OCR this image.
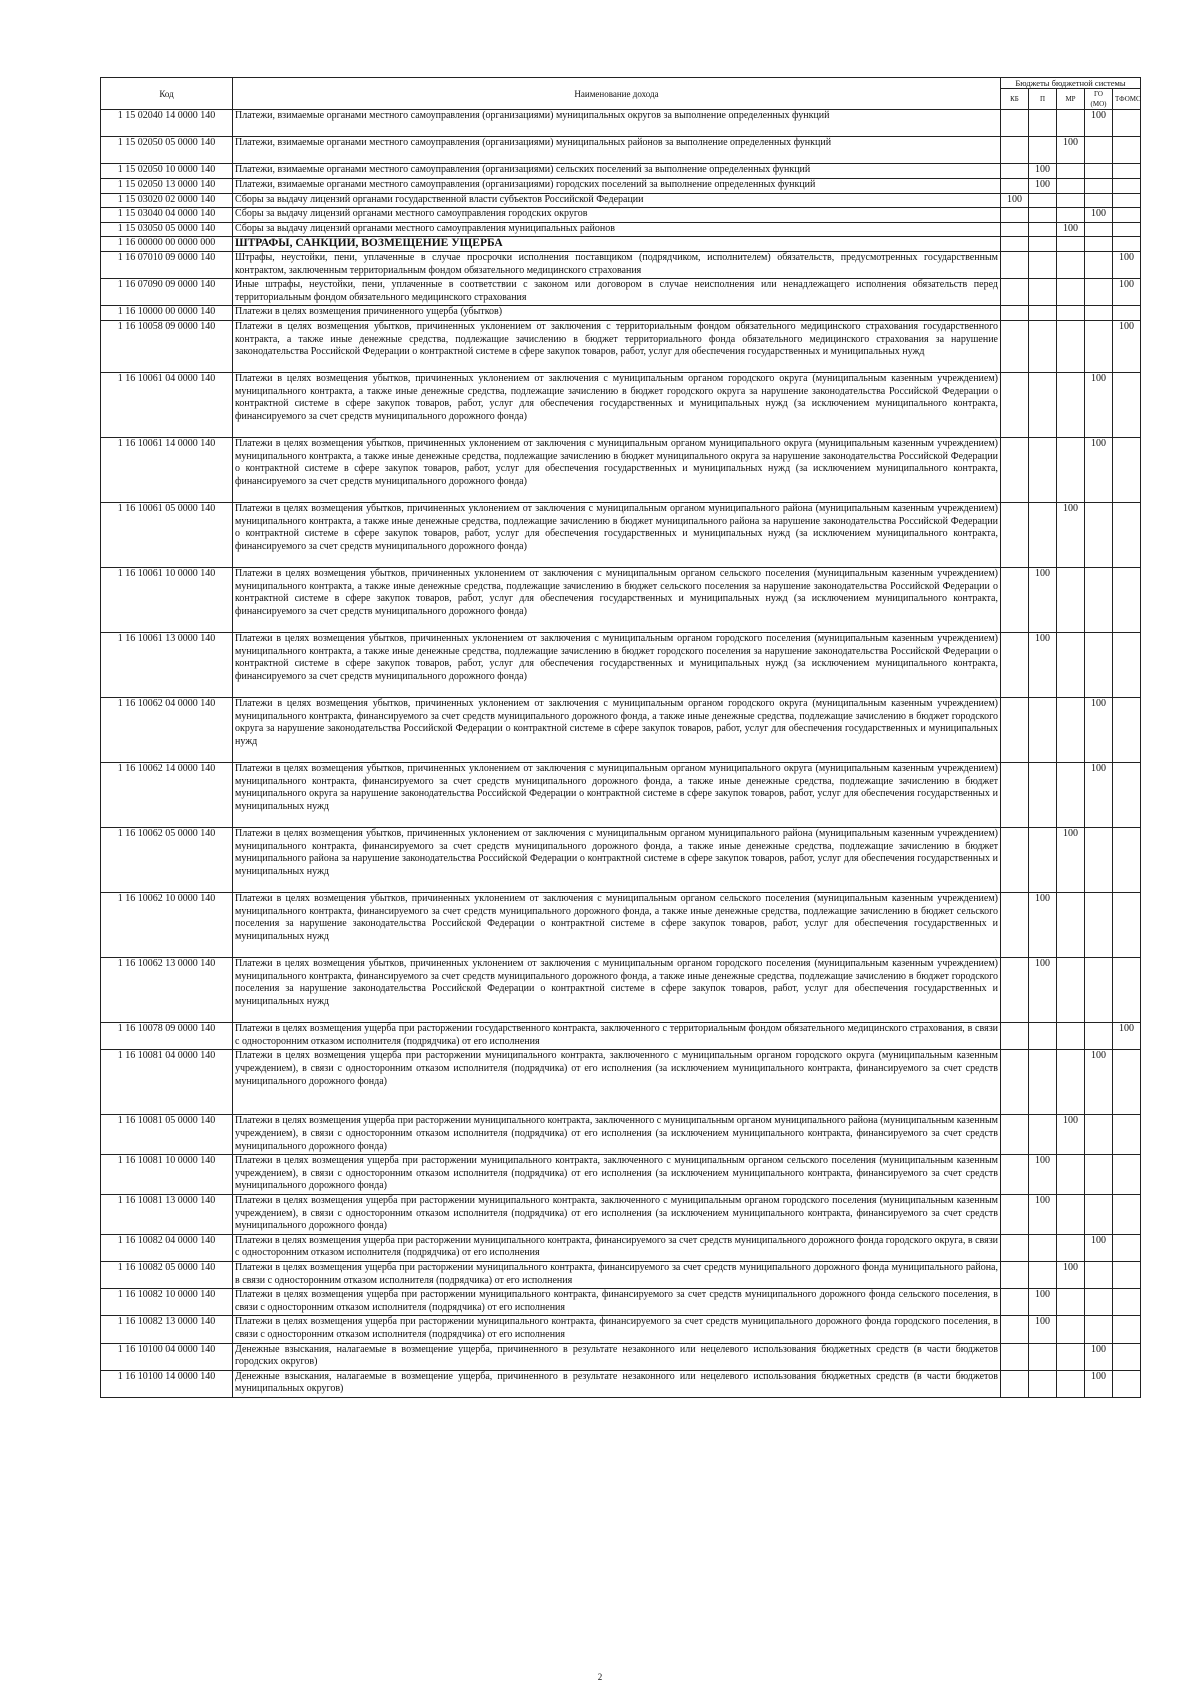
Код	Наименование дохода	Бюджеты бюджетной системы				
		КБ	П	МР	ГО (МО)	ТФОМС
1 15 02040 14 0000 140	Платежи, взимаемые органами местного самоуправления (организациями) муниципальных округов за выполнение определенных функций				100	
1 15 02050 05 0000 140	Платежи, взимаемые органами местного самоуправления (организациями) муниципальных районов за выполнение определенных функций			100		
1 15 02050 10 0000 140	Платежи, взимаемые органами местного самоуправления (организациями) сельских поселений за выполнение определенных функций		100			
1 15 02050 13 0000 140	Платежи, взимаемые органами местного самоуправления (организациями) городских поселений за выполнение определенных функций		100			
1 15 03020 02 0000 140	Сборы за выдачу лицензий органами государственной власти субъектов Российской Федерации	100				
1 15 03040 04 0000 140	Сборы за выдачу лицензий органами местного самоуправления городских округов				100	
1 15 03050 05 0000 140	Сборы за выдачу лицензий органами местного самоуправления муниципальных районов			100		
1 16 00000 00 0000 000	ШТРАФЫ, САНКЦИИ, ВОЗМЕЩЕНИЕ УЩЕРБА					
1 16 07010 09 0000 140	Штрафы, неустойки, пени, уплаченные в случае просрочки исполнения поставщиком (подрядчиком, исполнителем) обязательств, предусмотренных государственным контрактом, заключенным территориальным фондом обязательного медицинского страхования					100
1 16 07090 09 0000 140	Иные штрафы, неустойки, пени, уплаченные в соответствии с законом или договором в случае неисполнения или ненадлежащего исполнения обязательств перед территориальным фондом обязательного медицинского страхования					100
1 16 10000 00 0000 140	Платежи в целях возмещения причиненного ущерба (убытков)					
1 16 10058 09 0000 140	Платежи в целях возмещения убытков, причиненных уклонением от заключения с территориальным фондом обязательного медицинского страхования государственного контракта, а также иные денежные средства, подлежащие зачислению в бюджет территориального фонда обязательного медицинского страхования за нарушение законодательства Российской Федерации о контрактной системе в сфере закупок товаров, работ, услуг для обеспечения государственных и муниципальных нужд					100
1 16 10061 04 0000 140	Платежи в целях возмещения убытков, причиненных уклонением от заключения с муниципальным органом городского округа (муниципальным казенным учреждением) муниципального контракта, а также иные денежные средства, подлежащие зачислению в бюджет городского округа за нарушение законодательства Российской Федерации о контрактной системе в сфере закупок товаров, работ, услуг для обеспечения государственных и муниципальных нужд (за исключением муниципального контракта, финансируемого за счет средств муниципального дорожного фонда)				100	
1 16 10061 14 0000 140	Платежи в целях возмещения убытков, причиненных уклонением от заключения с муниципальным органом муниципального округа (муниципальным казенным учреждением) муниципального контракта, а также иные денежные средства, подлежащие зачислению в бюджет муниципального округа за нарушение законодательства Российской Федерации о контрактной системе в сфере закупок товаров, работ, услуг для обеспечения государственных и муниципальных нужд (за исключением муниципального контракта, финансируемого за счет средств муниципального дорожного фонда)				100	
1 16 10061 05 0000 140	Платежи в целях возмещения убытков, причиненных уклонением от заключения с муниципальным органом муниципального района (муниципальным казенным учреждением) муниципального контракта, а также иные денежные средства, подлежащие зачислению в бюджет муниципального района за нарушение законодательства Российской Федерации о контрактной системе в сфере закупок товаров, работ, услуг для обеспечения государственных и муниципальных нужд (за исключением муниципального контракта, финансируемого за счет средств муниципального дорожного фонда)			100		
1 16 10061 10 0000 140	Платежи в целях возмещения убытков, причиненных уклонением от заключения с муниципальным органом сельского поселения (муниципальным казенным учреждением) муниципального контракта, а также иные денежные средства, подлежащие зачислению в бюджет сельского поселения за нарушение законодательства Российской Федерации о контрактной системе в сфере закупок товаров, работ, услуг для обеспечения государственных и муниципальных нужд (за исключением муниципального контракта, финансируемого за счет средств муниципального дорожного фонда)		100			
1 16 10061 13 0000 140	Платежи в целях возмещения убытков, причиненных уклонением от заключения с муниципальным органом городского поселения (муниципальным казенным учреждением) муниципального контракта, а также иные денежные средства, подлежащие зачислению в бюджет городского поселения за нарушение законодательства Российской Федерации о контрактной системе в сфере закупок товаров, работ, услуг для обеспечения государственных и муниципальных нужд (за исключением муниципального контракта, финансируемого за счет средств муниципального дорожного фонда)		100			
1 16 10062 04 0000 140	Платежи в целях возмещения убытков, причиненных уклонением от заключения с муниципальным органом городского округа (муниципальным казенным учреждением) муниципального контракта, финансируемого за счет средств муниципального дорожного фонда, а также иные денежные средства, подлежащие зачислению в бюджет городского округа за нарушение законодательства Российской Федерации о контрактной системе в сфере закупок товаров, работ, услуг для обеспечения государственных и муниципальных нужд				100	
1 16 10062 14 0000 140	Платежи в целях возмещения убытков, причиненных уклонением от заключения с муниципальным органом муниципального округа (муниципальным казенным учреждением) муниципального контракта, финансируемого за счет средств муниципального дорожного фонда, а также иные денежные средства, подлежащие зачислению в бюджет муниципального округа за нарушение законодательства Российской Федерации о контрактной системе в сфере закупок товаров, работ, услуг для обеспечения государственных и муниципальных нужд				100	
1 16 10062 05 0000 140	Платежи в целях возмещения убытков, причиненных уклонением от заключения с муниципальным органом муниципального района (муниципальным казенным учреждением) муниципального контракта, финансируемого за счет средств муниципального дорожного фонда, а также иные денежные средства, подлежащие зачислению в бюджет муниципального района за нарушение законодательства Российской Федерации о контрактной системе в сфере закупок товаров, работ, услуг для обеспечения государственных и муниципальных нужд			100		
1 16 10062 10 0000 140	Платежи в целях возмещения убытков, причиненных уклонением от заключения с муниципальным органом сельского поселения (муниципальным казенным учреждением) муниципального контракта, финансируемого за счет средств муниципального дорожного фонда, а также иные денежные средства, подлежащие зачислению в бюджет сельского поселения за нарушение законодательства Российской Федерации о контрактной системе в сфере закупок товаров, работ, услуг для обеспечения государственных и муниципальных нужд		100			
1 16 10062 13 0000 140	Платежи в целях возмещения убытков, причиненных уклонением от заключения с муниципальным органом городского поселения (муниципальным казенным учреждением) муниципального контракта, финансируемого за счет средств муниципального дорожного фонда, а также иные денежные средства, подлежащие зачислению в бюджет городского поселения за нарушение законодательства Российской Федерации о контрактной системе в сфере закупок товаров, работ, услуг для обеспечения государственных и муниципальных нужд		100			
1 16 10078 09 0000 140	Платежи в целях возмещения ущерба при расторжении государственного контракта, заключенного с территориальным фондом обязательного медицинского страхования, в связи с односторонним отказом исполнителя (подрядчика) от его исполнения					100
1 16 10081 04 0000 140	Платежи в целях возмещения ущерба при расторжении муниципального контракта, заключенного с муниципальным органом городского округа (муниципальным казенным учреждением), в связи с односторонним отказом исполнителя (подрядчика) от его исполнения (за исключением муниципального контракта, финансируемого за счет средств муниципального дорожного фонда)				100	
1 16 10081 05 0000 140	Платежи в целях возмещения ущерба при расторжении муниципального контракта, заключенного с муниципальным органом муниципального района (муниципальным казенным учреждением), в связи с односторонним отказом исполнителя (подрядчика) от его исполнения (за исключением муниципального контракта, финансируемого за счет средств муниципального дорожного фонда)			100		
1 16 10081 10 0000 140	Платежи в целях возмещения ущерба при расторжении муниципального контракта, заключенного с муниципальным органом сельского поселения (муниципальным казенным учреждением), в связи с односторонним отказом исполнителя (подрядчика) от его исполнения (за исключением муниципального контракта, финансируемого за счет средств муниципального дорожного фонда)		100			
1 16 10081 13 0000 140	Платежи в целях возмещения ущерба при расторжении муниципального контракта, заключенного с муниципальным органом городского поселения (муниципальным казенным учреждением), в связи с односторонним отказом исполнителя (подрядчика) от его исполнения (за исключением муниципального контракта, финансируемого за счет средств муниципального дорожного фонда)		100			
1 16 10082 04 0000 140	Платежи в целях возмещения ущерба при расторжении муниципального контракта, финансируемого за счет средств муниципального дорожного фонда городского округа, в связи с односторонним отказом исполнителя (подрядчика) от его исполнения				100	
1 16 10082 05 0000 140	Платежи в целях возмещения ущерба при расторжении муниципального контракта, финансируемого за счет средств муниципального дорожного фонда муниципального района, в связи с односторонним отказом исполнителя (подрядчика) от его исполнения			100		
1 16 10082 10 0000 140	Платежи в целях возмещения ущерба при расторжении муниципального контракта, финансируемого за счет средств муниципального дорожного фонда сельского поселения, в связи с односторонним отказом исполнителя (подрядчика) от его исполнения		100			
1 16 10082 13 0000 140	Платежи в целях возмещения ущерба при расторжении муниципального контракта, финансируемого за счет средств муниципального дорожного фонда городского поселения, в связи с односторонним отказом исполнителя (подрядчика) от его исполнения		100			
1 16 10100 04 0000 140	Денежные взыскания, налагаемые в возмещение ущерба, причиненного в результате незаконного или нецелевого использования бюджетных средств (в части бюджетов городских округов)				100	
1 16 10100 14 0000 140	Денежные взыскания, налагаемые в возмещение ущерба, причиненного в результате незаконного или нецелевого использования бюджетных средств (в части бюджетов муниципальных округов)				100	
2
